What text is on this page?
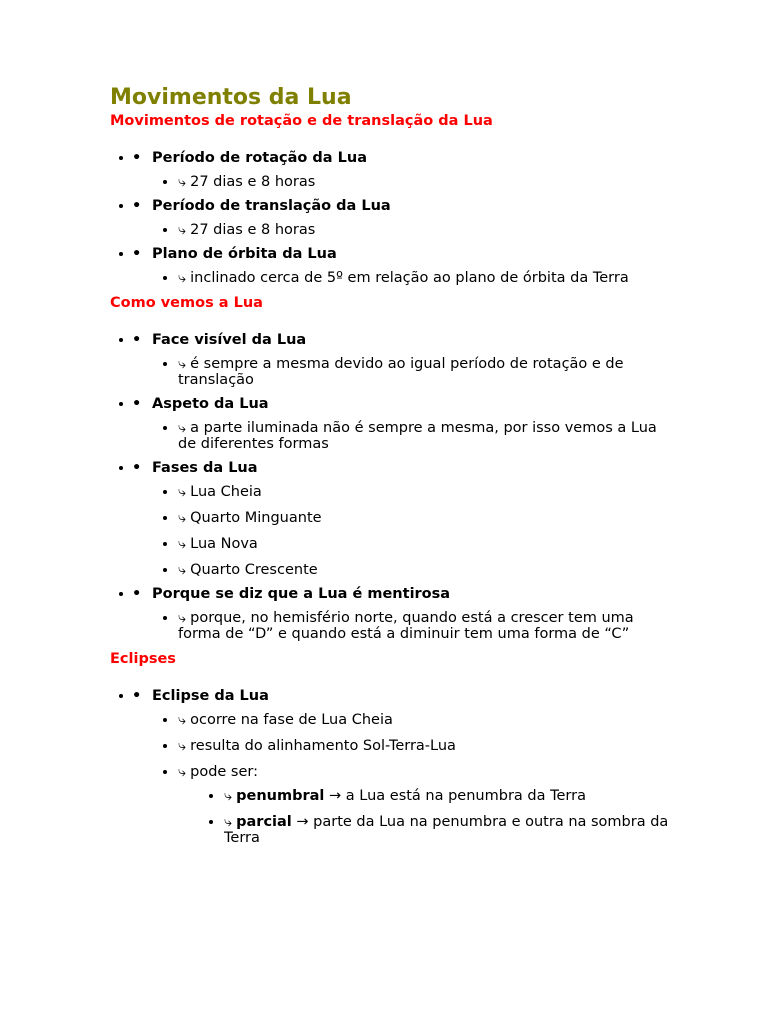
Movimentos da Lua
Movimentos de rotação e de translação da Lua
• • Período de rotação da Lua
• ⤷ 27 dias e 8 horas
• • Período de translação da Lua
• ⤷ 27 dias e 8 horas
• • Plano de órbita da Lua
• ⤷ inclinado cerca de 5º em relação ao plano de órbita da Terra
Como vemos a Lua
• • Face visível da Lua
• ⤷ é sempre a mesma devido ao igual período de rotação e de translação
• • Aspeto da Lua
• ⤷ a parte iluminada não é sempre a mesma, por isso vemos a Lua de diferentes formas
• • Fases da Lua
• ⤷ Lua Cheia
• ⤷ Quarto Minguante
• ⤷ Lua Nova
• ⤷ Quarto Crescente
• • Porque se diz que a Lua é mentirosa
• ⤷ porque, no hemisfério norte, quando está a crescer tem uma forma de “D” e quando está a diminuir tem uma forma de “C”
Eclipses
• • Eclipse da Lua
• ⤷ ocorre na fase de Lua Cheia
• ⤷ resulta do alinhamento Sol-Terra-Lua
• ⤷ pode ser:
• ⤷ penumbral → a Lua está na penumbra da Terra
• ⤷ parcial → parte da Lua na penumbra e outra na sombra da Terra
